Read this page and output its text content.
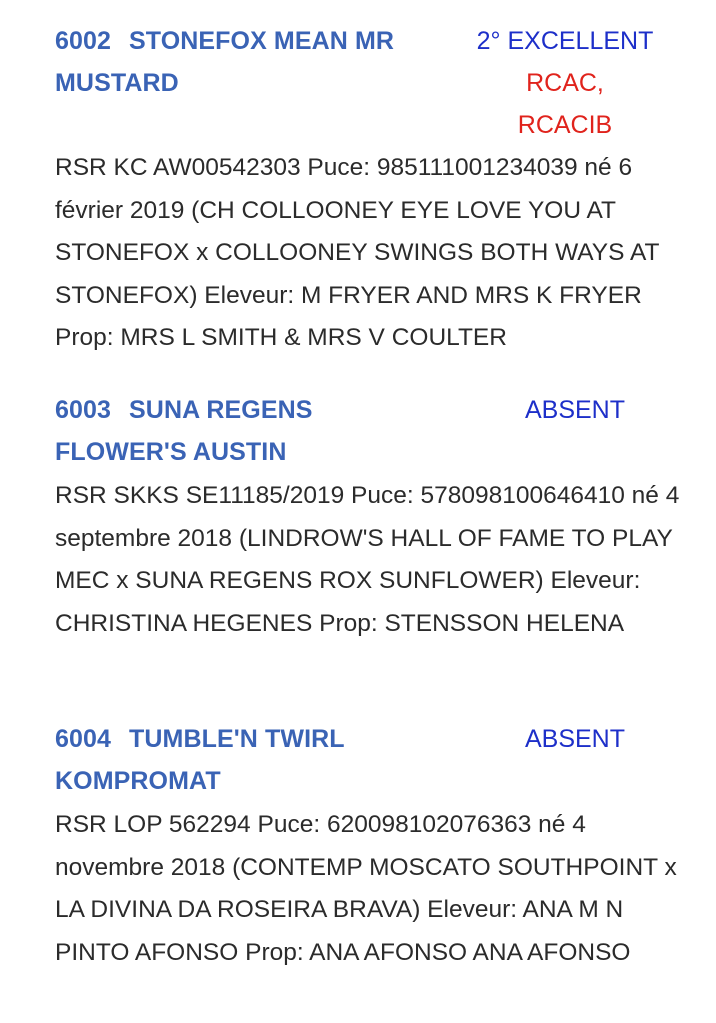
6002 STONEFOX MEAN MR
MUSTARD
2° EXCELLENT
RCAC,
RCACIB
RSR KC AW00542303 Puce: 985111001234039 né 6 février 2019 (CH COLLOONEY EYE LOVE YOU AT STONEFOX x COLLOONEY SWINGS BOTH WAYS AT STONEFOX) Eleveur: M FRYER AND MRS K FRYER Prop: MRS L SMITH & MRS V COULTER
6003 SUNA REGENS
FLOWER'S AUSTIN
ABSENT
RSR SKKS SE11185/2019 Puce: 578098100646410 né 4 septembre 2018 (LINDROW'S HALL OF FAME TO PLAY MEC x SUNA REGENS ROX SUNFLOWER) Eleveur: CHRISTINA HEGENES Prop: STENSSON HELENA
6004 TUMBLE'N TWIRL
KOMPROMAT
ABSENT
RSR LOP 562294 Puce: 620098102076363 né 4 novembre 2018 (CONTEMP MOSCATO SOUTHPOINT x LA DIVINA DA ROSEIRA BRAVA) Eleveur: ANA M N PINTO AFONSO Prop: ANA AFONSO ANA AFONSO
